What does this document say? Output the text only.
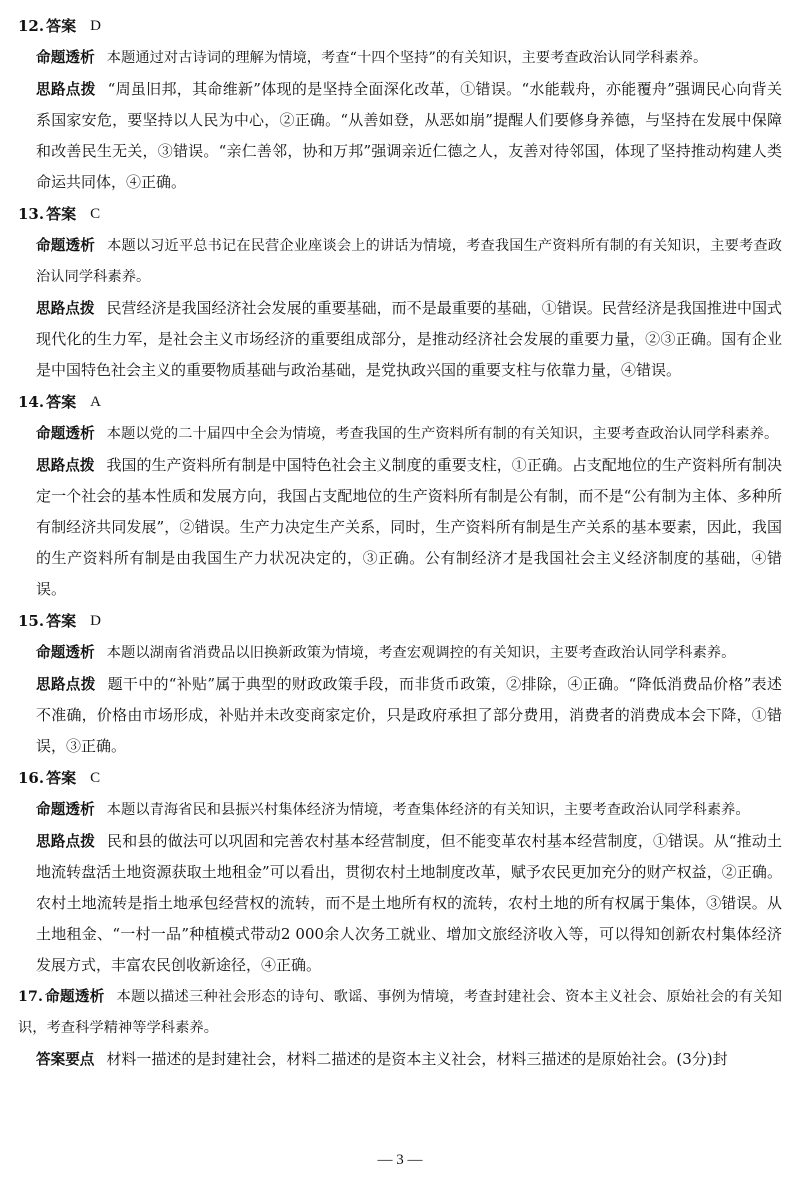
12. 答案 D

命题透析 本题通过对古诗词的理解为情境，考查“十四个坚持”的有关知识，主要考查政治认同学科素养。

思路点拨 “周虽旧邦，其命维新”体现的是坚持全面深化改革，①错误。“水能载舟，亦能覆舟”强调民心向背关系国家安危，要坚持以人民为中心，②正确。“从善如登，从恶如崩”提醒人们要修身养德，与坚持在发展中保障和改善民生无关，③错误。“亲仁善邻，协和万邦”强调亲近仁德之人，友善对待邻国，体现了坚持推动构建人类命运共同体，④正确。

13. 答案 C

命题透析 本题以习近平总书记在民营企业座谈会上的讲话为情境，考查我国生产资料所有制的有关知识，主要考查政治认同学科素养。

思路点拨 民营经济是我国经济社会发展的重要基础，而不是最重要的基础，①错误。民营经济是我国推进中国式现代化的生力军，是社会主义市场经济的重要组成部分，是推动经济社会发展的重要力量，②③正确。国有企业是中国特色社会主义的重要物质基础与政治基础，是党执政兴国的重要支柱与依靠力量，④错误。

14. 答案 A

命题透析 本题以党的二十届四中全会为情境，考查我国的生产资料所有制的有关知识，主要考查政治认同学科素养。

思路点拨 我国的生产资料所有制是中国特色社会主义制度的重要支柱，①正确。占支配地位的生产资料所有制决定一个社会的基本性质和发展方向，我国占支配地位的生产资料所有制是公有制，而不是“公有制为主体、多种所有制经济共同发展”，②错误。生产力决定生产关系，同时，生产资料所有制是生产关系的基本要素，因此，我国的生产资料所有制是由我国生产力状况决定的，③正确。公有制经济才是我国社会主义经济制度的基础，④错误。

15. 答案 D

命题透析 本题以湖南省消费品以旧换新政策为情境，考查宏观调控的有关知识，主要考查政治认同学科素养。

思路点拨 题干中的“补贴”属于典型的财政政策手段，而非货币政策，②排除，④正确。“降低消费品价格”表述不准确，价格由市场形成，补贴并未改变商家定价，只是政府承担了部分费用，消费者的消费成本会下降，①错误，③正确。

16. 答案 C

命题透析 本题以青海省民和县振兴村集体经济为情境，考查集体经济的有关知识，主要考查政治认同学科素养。

思路点拨 民和县的做法可以巩固和完善农村基本经营制度，但不能变革农村基本经营制度，①错误。从“推动土地流转盘活土地资源获取土地租金”可以看出，贯彻农村土地制度改革，赋予农民更加充分的财产权益，②正确。农村土地流转是指土地承包经营权的流转，而不是土地所有权的流转，农村土地的所有权属于集体，③错误。从土地租金、“一村一品”种植模式带动2 000余人次务工就业、增加文旅经济收入等，可以得知创新农村集体经济发展方式，丰富农民创收新途径，④正确。

17. 命题透析 本题以描述三种社会形态的诗句、歌谣、事例为情境，考查封建社会、资本主义社会、原始社会的有关知识，考查科学精神等学科素养。

答案要点 材料一描述的是封建社会，材料二描述的是资本主义社会，材料三描述的是原始社会。(3分)封

— 3 —
